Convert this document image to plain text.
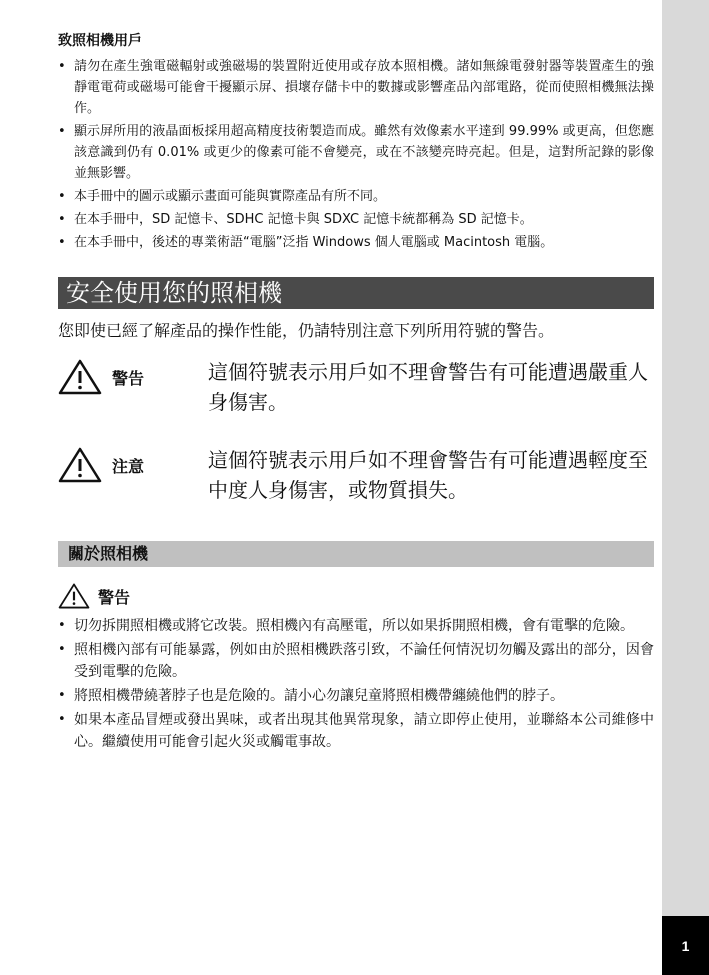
1
致照相機用戶
• 請勿在產生強電磁輻射或強磁場的裝置附近使用或存放本照相機。諸如無線電發射器等裝置產生的強靜電電荷或磁場可能會干擾顯示屏、損壞存儲卡中的數據或影響產品內部電路，從而使照相機無法操作。
• 顯示屏所用的液晶面板採用超高精度技術製造而成。雖然有效像素水平達到 99.99% 或更高，但您應該意識到仍有 0.01% 或更少的像素可能不會變亮，或在不該變亮時亮起。但是，這對所記錄的影像並無影響。
• 本手冊中的圖示或顯示畫面可能與實際產品有所不同。
• 在本手冊中，SD 記憶卡、SDHC 記憶卡與 SDXC 記憶卡統都稱為 SD 記憶卡。
• 在本手冊中，後述的專業術語“電腦”泛指 Windows 個人電腦或 Macintosh 電腦。
安全使用您的照相機
您即使已經了解產品的操作性能，仍請特別注意下列所用符號的警告。
警告	這個符號表示用戶如不理會警告有可能遭遇嚴重人身傷害。
注意	這個符號表示用戶如不理會警告有可能遭遇輕度至中度人身傷害，或物質損失。
關於照相機
警告
• 切勿拆開照相機或將它改裝。照相機內有高壓電，所以如果拆開照相機，會有電擊的危險。
• 照相機內部有可能暴露，例如由於照相機跌落引致，不論任何情況切勿觸及露出的部分，因會受到電擊的危險。
• 將照相機帶繞著脖子也是危險的。請小心勿讓兒童將照相機帶纏繞他們的脖子。
• 如果本產品冒煙或發出異味，或者出現其他異常現象，請立即停止使用，並聯絡本公司維修中心。繼續使用可能會引起火災或觸電事故。
